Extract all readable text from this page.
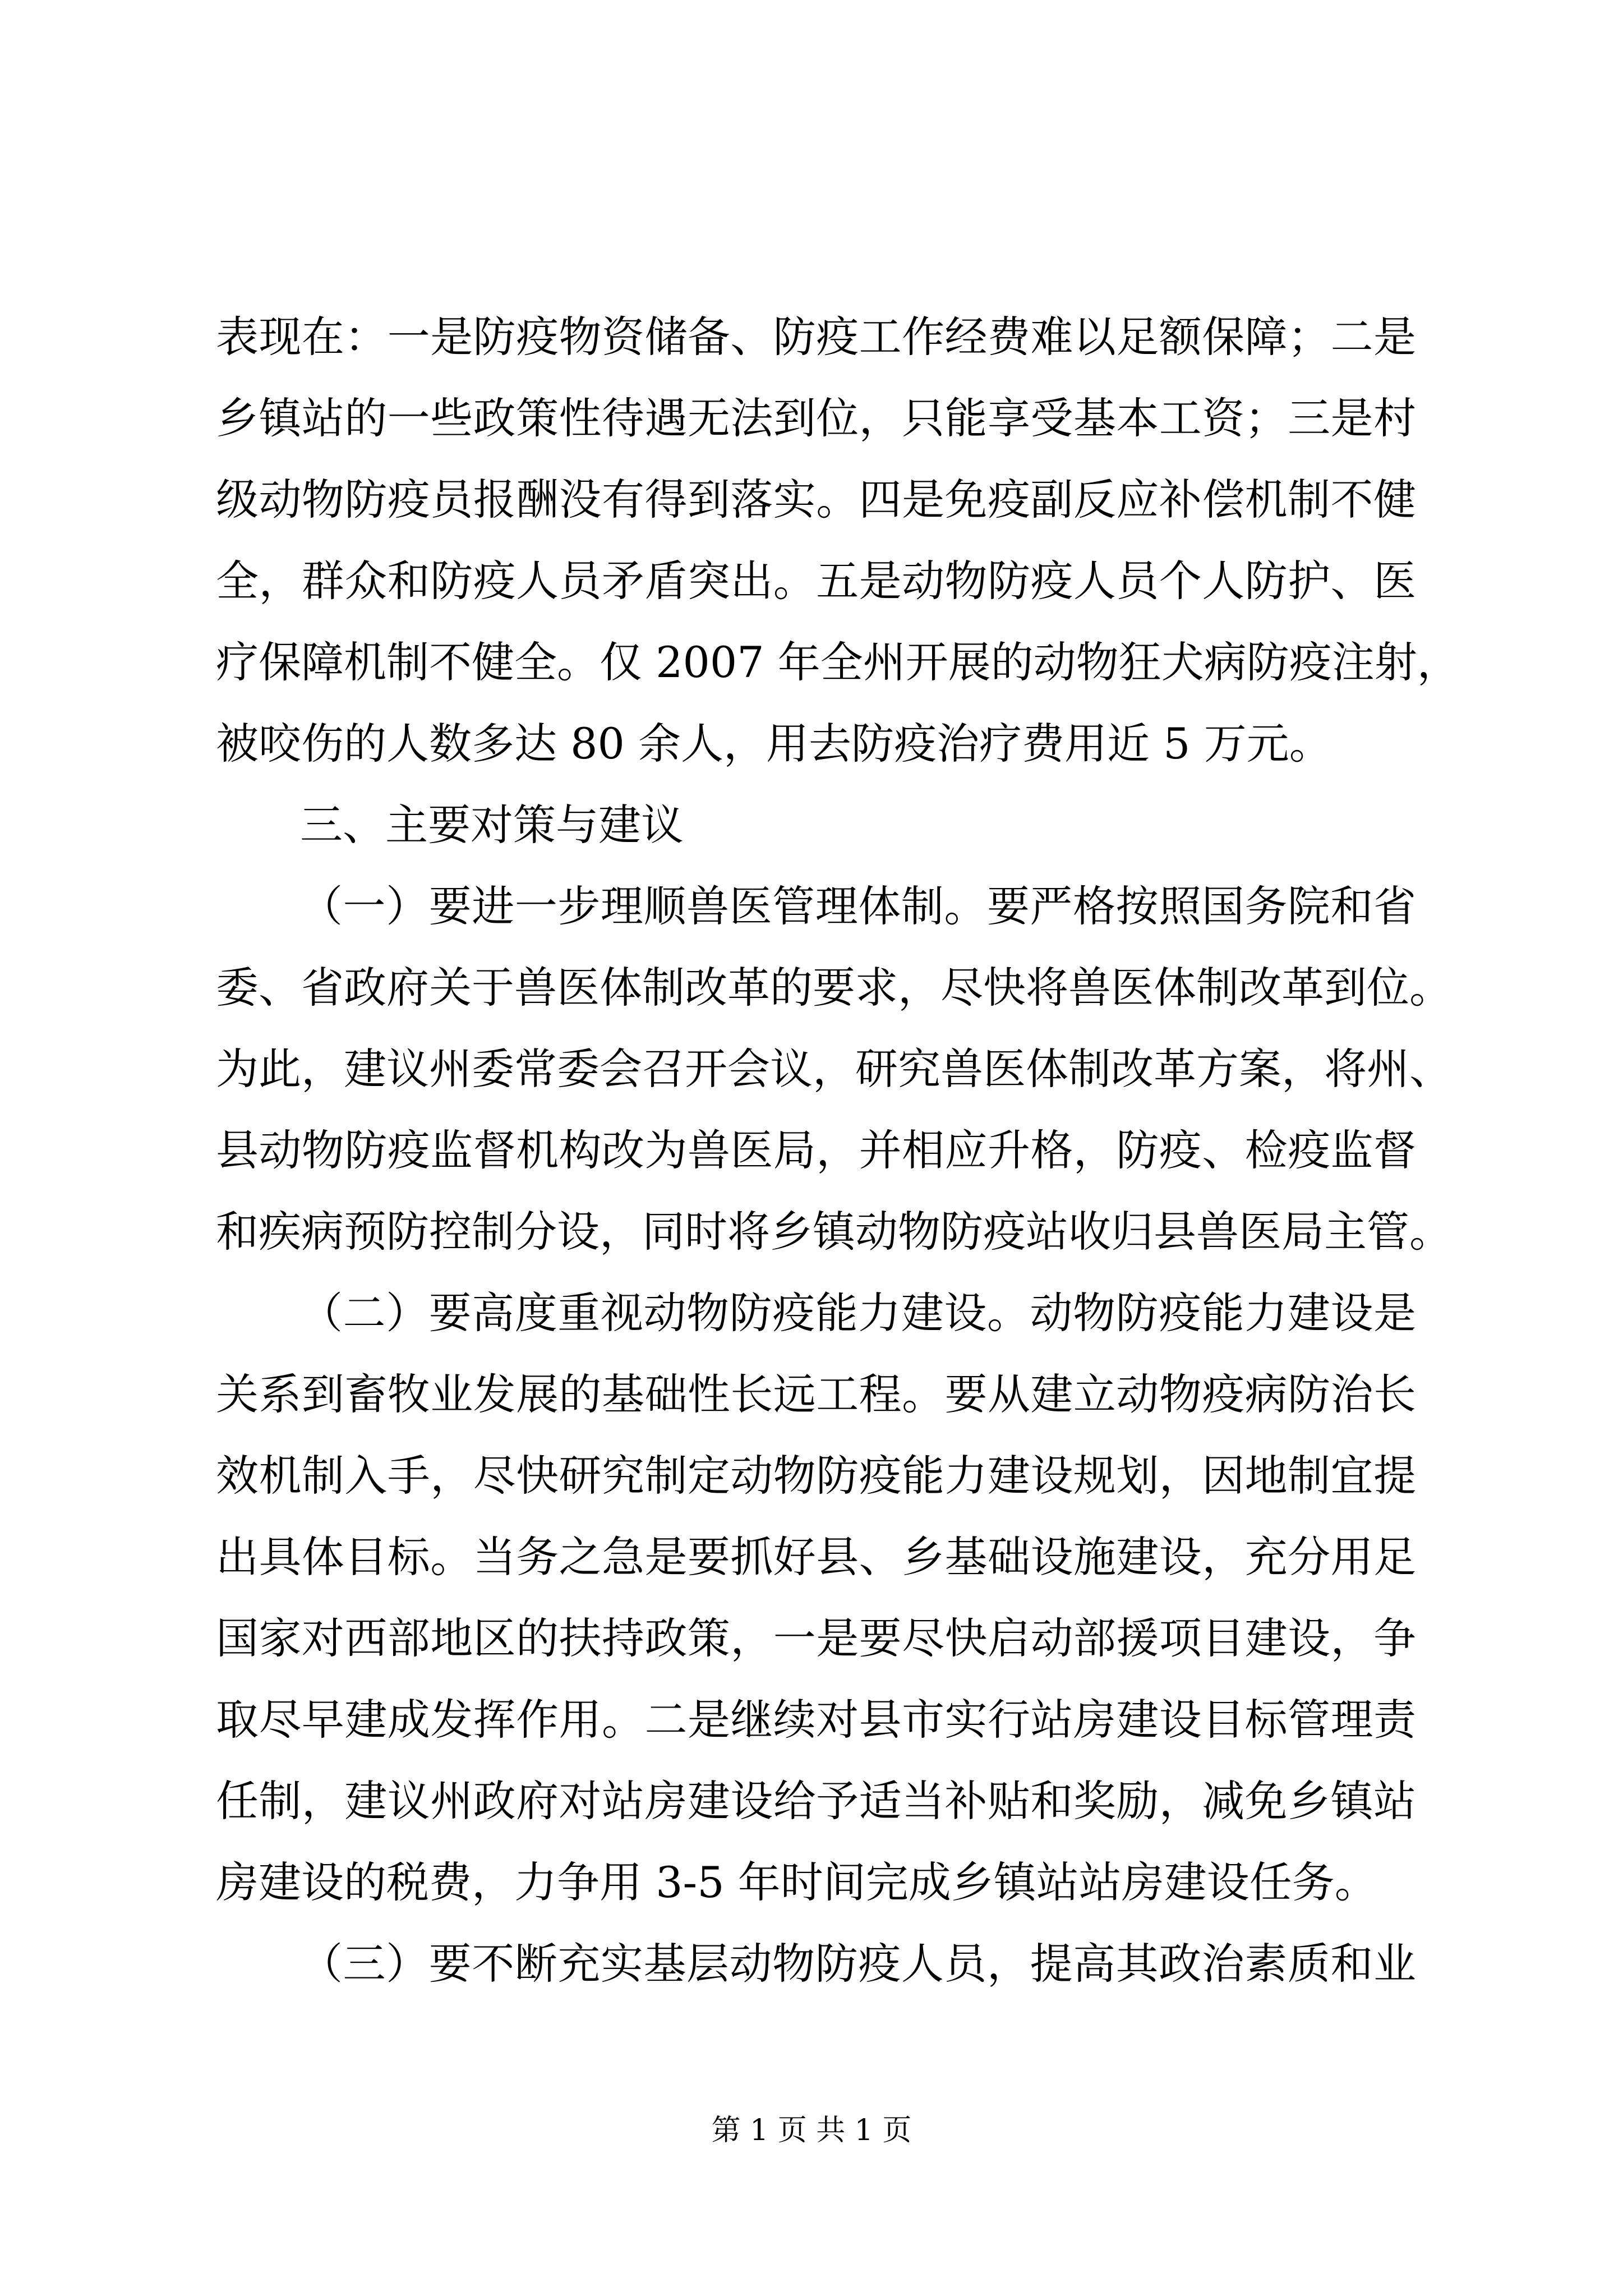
表现在：一是防疫物资储备、防疫工作经费难以足额保障；二是
乡镇站的一些政策性待遇无法到位，只能享受基本工资；三是村
级动物防疫员报酬没有得到落实。四是免疫副反应补偿机制不健
全，群众和防疫人员矛盾突出。五是动物防疫人员个人防护、医
疗保障机制不健全。仅 2007 年全州开展的动物狂犬病防疫注射，
被咬伤的人数多达 80 余人，用去防疫治疗费用近 5 万元。
三、主要对策与建议
（一）要进一步理顺兽医管理体制。要严格按照国务院和省
委、省政府关于兽医体制改革的要求，尽快将兽医体制改革到位。
为此，建议州委常委会召开会议，研究兽医体制改革方案，将州、
县动物防疫监督机构改为兽医局，并相应升格，防疫、检疫监督
和疾病预防控制分设，同时将乡镇动物防疫站收归县兽医局主管。
（二）要高度重视动物防疫能力建设。动物防疫能力建设是
关系到畜牧业发展的基础性长远工程。要从建立动物疫病防治长
效机制入手，尽快研究制定动物防疫能力建设规划，因地制宜提
出具体目标。当务之急是要抓好县、乡基础设施建设，充分用足
国家对西部地区的扶持政策，一是要尽快启动部援项目建设，争
取尽早建成发挥作用。二是继续对县市实行站房建设目标管理责
任制，建议州政府对站房建设给予适当补贴和奖励，减免乡镇站
房建设的税费，力争用 3-5 年时间完成乡镇站站房建设任务。
（三）要不断充实基层动物防疫人员，提高其政治素质和业
第 1 页 共 1 页
